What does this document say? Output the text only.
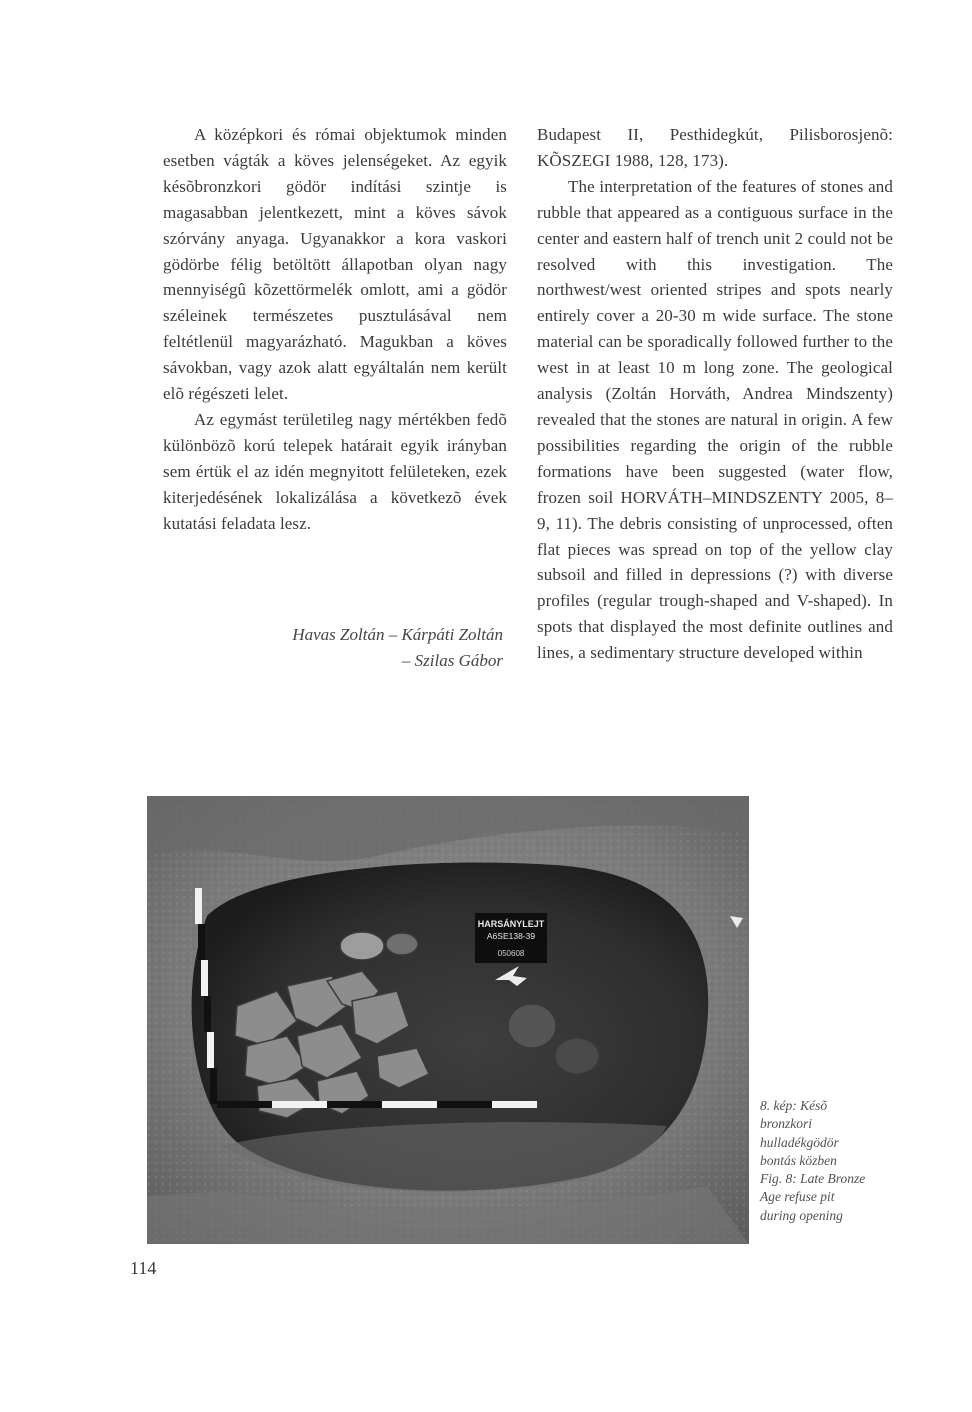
A középkori és római objektumok minden esetben vágták a köves jelenségeket. Az egyik késõbronzkori gödör indítási szintje is magasabban jelentkezett, mint a köves sávok szórvány anyaga. Ugyanakkor a kora vaskori gödörbe félig betöltött állapotban olyan nagy mennyiségû kõzettörmelék omlott, ami a gödör széleinek természetes pusztulásával nem feltétlenül magyarázható. Magukban a köves sávokban, vagy azok alatt egyáltalán nem került elõ régészeti lelet.

Az egymást területileg nagy mértékben fedõ különbözõ korú telepek határait egyik irányban sem értük el az idén megnyitott felületeken, ezek kiterjedésének lokalizálása a következõ évek kutatási feladata lesz.

Havas Zoltán – Kárpáti Zoltán
– Szilas Gábor

Budapest II, Pesthidegkút, Pilisborosjenõ: KÕSZEGI 1988, 128, 173).

The interpretation of the features of stones and rubble that appeared as a contiguous surface in the center and eastern half of trench unit 2 could not be resolved with this investigation. The northwest/west oriented stripes and spots nearly entirely cover a 20-30 m wide surface. The stone material can be sporadically followed further to the west in at least 10 m long zone. The geological analysis (Zoltán Horváth, Andrea Mindszenty) revealed that the stones are natural in origin. A few possibilities regarding the origin of the rubble formations have been suggested (water flow, frozen soil HORVÁTH–MINDSZENTY 2005, 8–9, 11). The debris consisting of unprocessed, often flat pieces was spread on top of the yellow clay subsoil and filled in depressions (?) with diverse profiles (regular trough-shaped and V-shaped). In spots that displayed the most definite outlines and lines, a sedimentary structure developed within

HARSÁNYLEJT
A6SE138-39
050608
8. kép: Késõ
bronzkori
hulladékgödör
bontás közben
Fig. 8: Late Bronze
Age refuse pit
during opening
114
